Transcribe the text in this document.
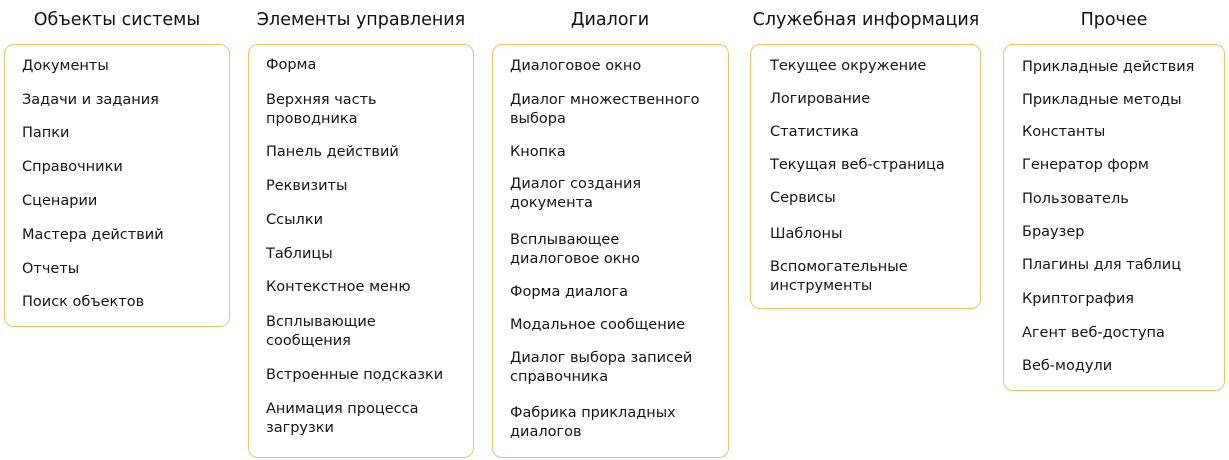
Объекты системы
Документы
Задачи и задания
Папки
Справочники
Сценарии
Мастера действий
Отчеты
Поиск объектов
Элементы управления
Форма
Верхняя часть
проводника
Панель действий
Реквизиты
Ссылки
Таблицы
Контекстное меню
Всплывающие
сообщения
Встроенные подсказки
Анимация процесса
загрузки
Диалоги
Диалоговое окно
Диалог множественного
выбора
Кнопка
Диалог создания
документа
Всплывающее
диалоговое окно
Форма диалога
Модальное сообщение
Диалог выбора записей
справочника
Фабрика прикладных
диалогов
Служебная информация
Текущее окружение
Логирование
Статистика
Текущая веб-страница
Сервисы
Шаблоны
Вспомогательные
инструменты
Прочее
Прикладные действия
Прикладные методы
Константы
Генератор форм
Пользователь
Браузер
Плагины для таблиц
Криптография
Агент веб-доступа
Веб-модули
